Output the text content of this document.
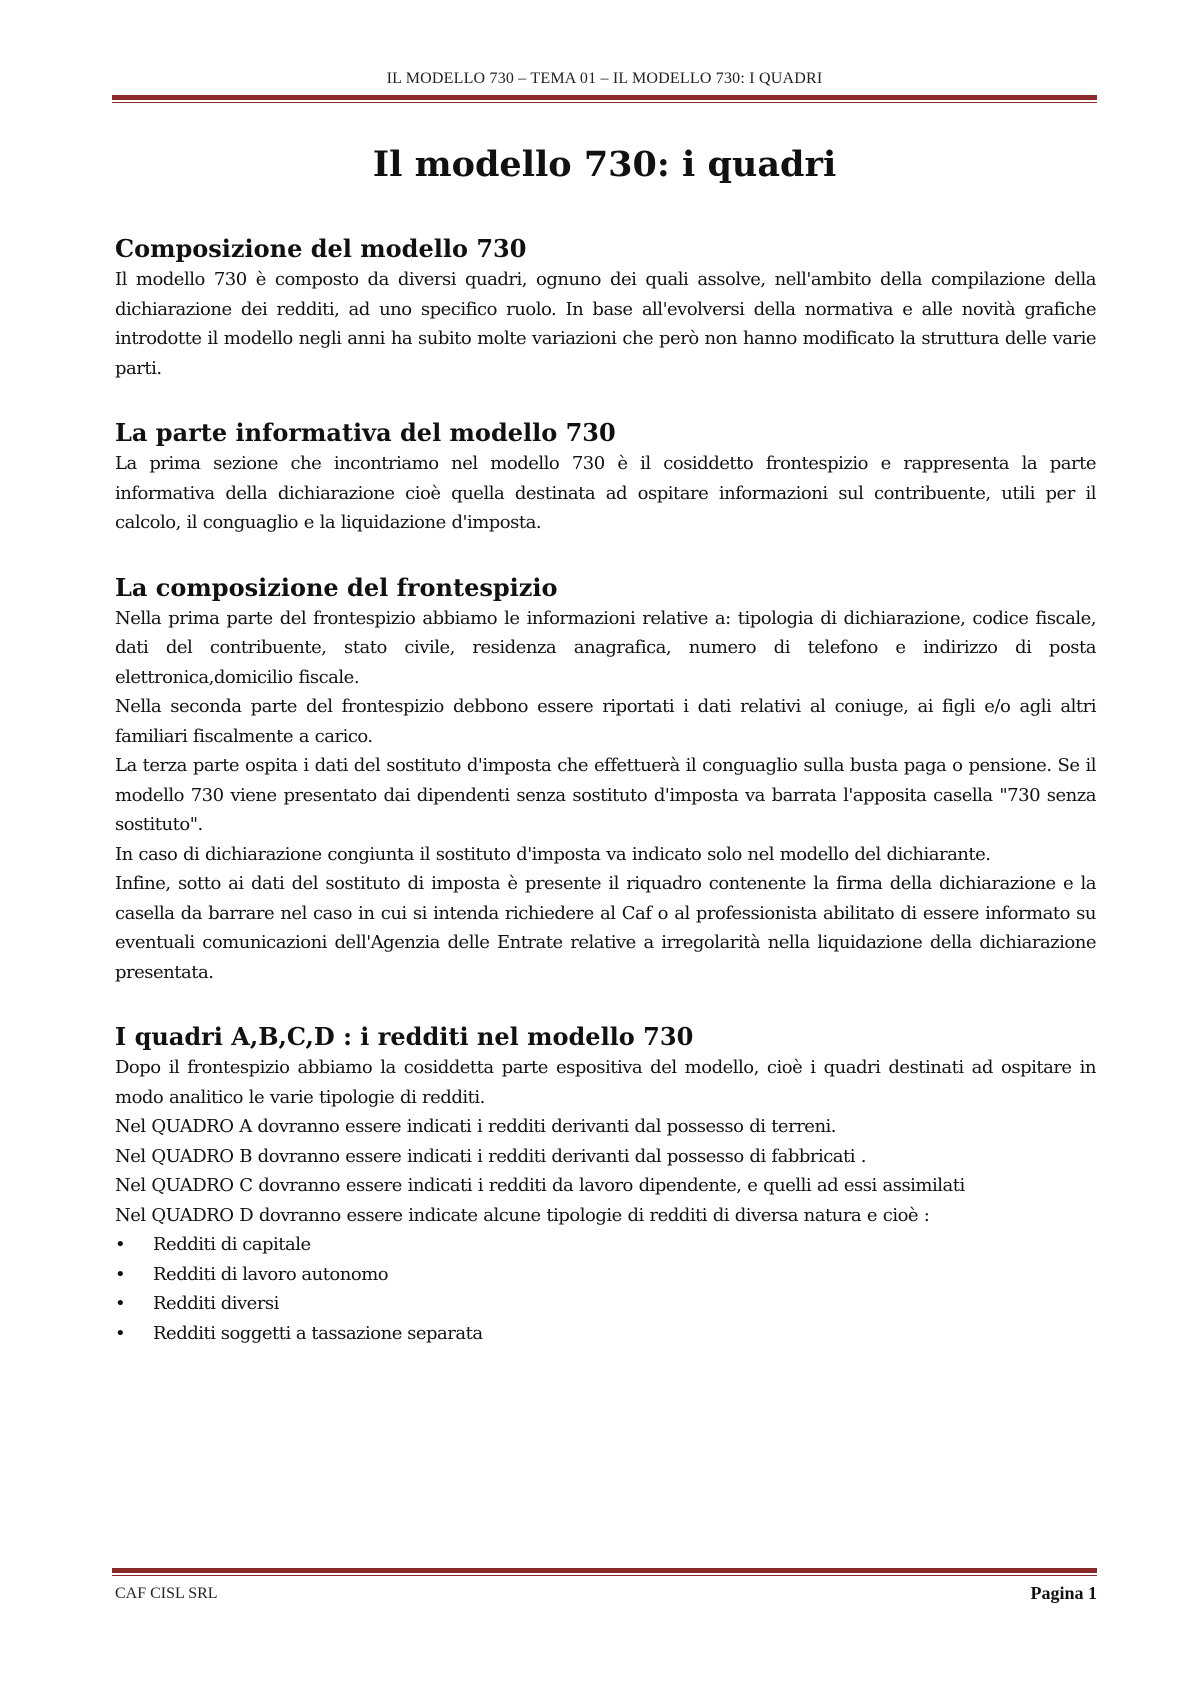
IL MODELLO 730 – TEMA 01 – IL MODELLO 730: I QUADRI
Il modello 730: i quadri
Composizione del modello 730

Il modello 730 è composto da diversi quadri, ognuno dei quali assolve, nell'ambito della compilazione della dichiarazione dei redditi, ad uno specifico ruolo. In base all'evolversi della normativa e alle novità grafiche introdotte il modello negli anni ha subito molte variazioni che però non hanno modificato la struttura delle varie parti.

La parte informativa del modello 730

La prima sezione che incontriamo nel modello 730 è il cosiddetto frontespizio e rappresenta la parte informativa della dichiarazione cioè quella destinata ad ospitare informazioni sul contribuente, utili per il calcolo, il conguaglio e la liquidazione d'imposta.

La composizione del frontespizio

Nella prima parte del frontespizio abbiamo le informazioni relative a: tipologia di dichiarazione, codice fiscale, dati del contribuente, stato civile, residenza anagrafica, numero di telefono e indirizzo di posta elettronica,domicilio fiscale.

Nella seconda parte del frontespizio debbono essere riportati i dati relativi al coniuge, ai figli e/o agli altri familiari fiscalmente a carico.

La terza parte ospita i dati del sostituto d'imposta che effettuerà il conguaglio sulla busta paga o pensione. Se il modello 730 viene presentato dai dipendenti senza sostituto d'imposta va barrata l'apposita casella "730 senza sostituto".

In caso di dichiarazione congiunta il sostituto d'imposta va indicato solo nel modello del dichiarante.

Infine, sotto ai dati del sostituto di imposta è presente il riquadro contenente la firma della dichiarazione e la casella da barrare nel caso in cui si intenda richiedere al Caf o al professionista abilitato di essere informato su eventuali comunicazioni dell'Agenzia delle Entrate relative a irregolarità nella liquidazione della dichiarazione presentata.

I quadri A,B,C,D : i redditi nel modello 730

Dopo il frontespizio abbiamo la cosiddetta parte espositiva del modello, cioè i quadri destinati ad ospitare in modo analitico le varie tipologie di redditi.

Nel QUADRO A dovranno essere indicati i redditi derivanti dal possesso di terreni.

Nel QUADRO B dovranno essere indicati i redditi derivanti dal possesso di fabbricati .

Nel QUADRO C dovranno essere indicati i redditi da lavoro dipendente, e quelli ad essi assimilati

Nel QUADRO D dovranno essere indicate alcune tipologie di redditi di diversa natura e cioè :

• Redditi di capitale
• Redditi di lavoro autonomo
• Redditi diversi
• Redditi soggetti a tassazione separata
CAF CISL SRL	Pagina 1
